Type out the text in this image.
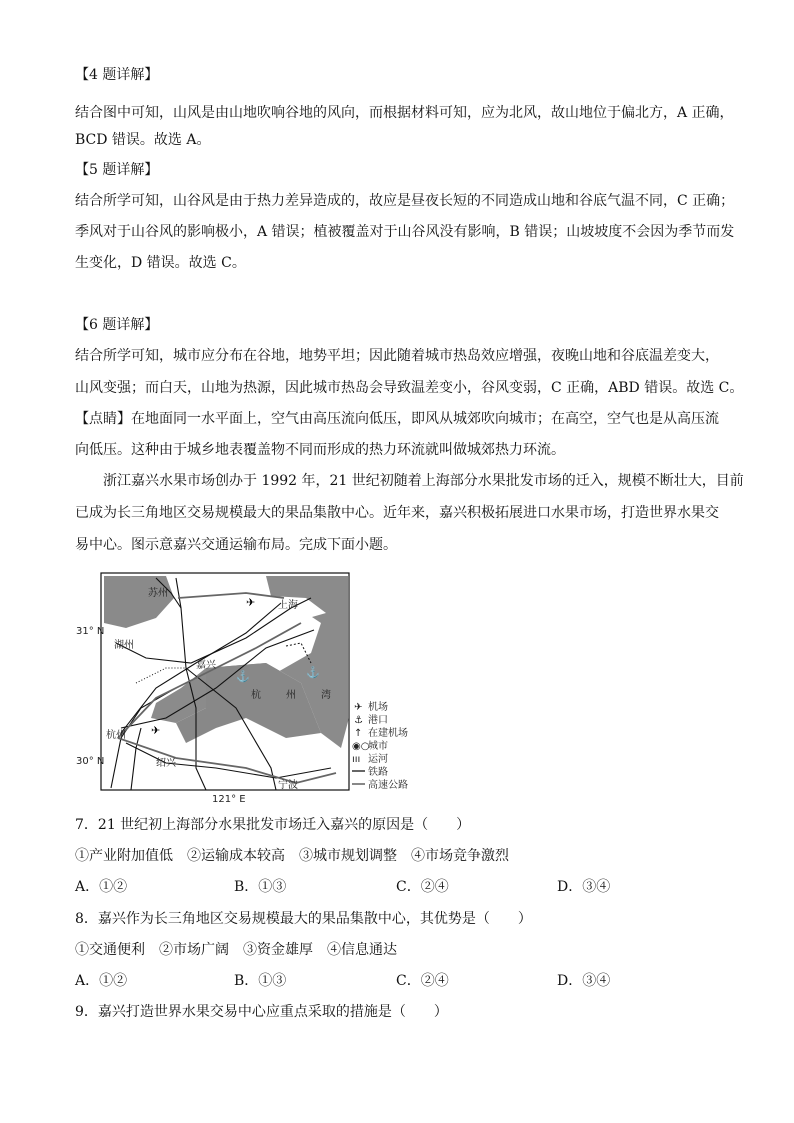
【4 题详解】
结合图中可知，山风是由山地吹响谷地的风向，而根据材料可知，应为北风，故山地位于偏北方，A 正确，
BCD 错误。故选 A。
【5 题详解】
结合所学可知，山谷风是由于热力差异造成的，故应是昼夜长短的不同造成山地和谷底气温不同，C 正确；
季风对于山谷风的影响极小，A 错误；植被覆盖对于山谷风没有影响，B 错误；山坡坡度不会因为季节而发
生变化，D 错误。故选 C。
【6 题详解】
结合所学可知，城市应分布在谷地，地势平坦；因此随着城市热岛效应增强，夜晚山地和谷底温差变大，
山风变强；而白天，山地为热源，因此城市热岛会导致温差变小，谷风变弱，C 正确，ABD 错误。故选 C。
【点睛】在地面同一水平面上，空气由高压流向低压，即风从城郊吹向城市；在高空，空气也是从高压流
向低压。这种由于城乡地表覆盖物不同而形成的热力环流就叫做城郊热力环流。
浙江嘉兴水果市场创办于 1992 年，21 世纪初随着上海部分水果批发市场的迁入，规模不断壮大，目前
已成为长三角地区交易规模最大的果品集散中心。近年来，嘉兴积极拓展进口水果市场，打造世界水果交
易中心。图示意嘉兴交通运输布局。完成下面小题。
苏州
上海
湖州
嘉兴
杭州
绍兴
宁波
杭	州	湾
31° N
30° N
121° E
✈
✈
⚓	⚓
✈ 机场
⚓ 港口
↑ 在建机场
◉○
城市
ııı 运河
铁路
高速公路
7．21 世纪初上海部分水果批发市场迁入嘉兴的原因是（　　）
①产业附加值低　②运输成本较高　③城市规划调整　④市场竞争激烈
A．①②	B．①③	C．②④	D．③④
8．嘉兴作为长三角地区交易规模最大的果品集散中心，其优势是（　　）
①交通便利　②市场广阔　③资金雄厚　④信息通达
A．①②	B．①③	C．②④	D．③④
9．嘉兴打造世界水果交易中心应重点采取的措施是（　　）
